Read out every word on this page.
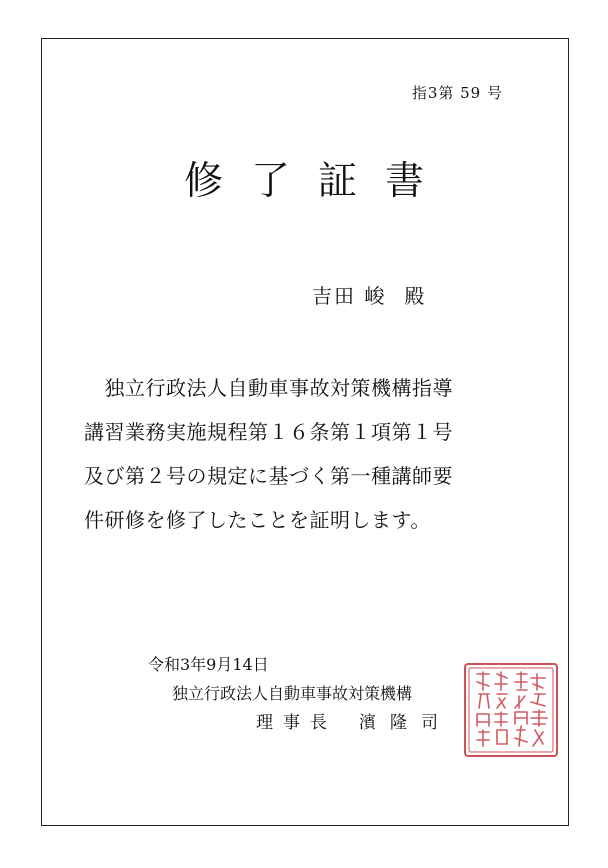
指3第 59 号
修了証書
吉田 峻 殿
　独立行政法人自動車事故対策機構指導
講習業務実施規程第１６条第１項第１号
及び第２号の規定に基づく第一種講師要
件研修を修了したことを証明します。
令和3年9月14日
独立行政法人自動車事故対策機構
理事長 濱隆司
